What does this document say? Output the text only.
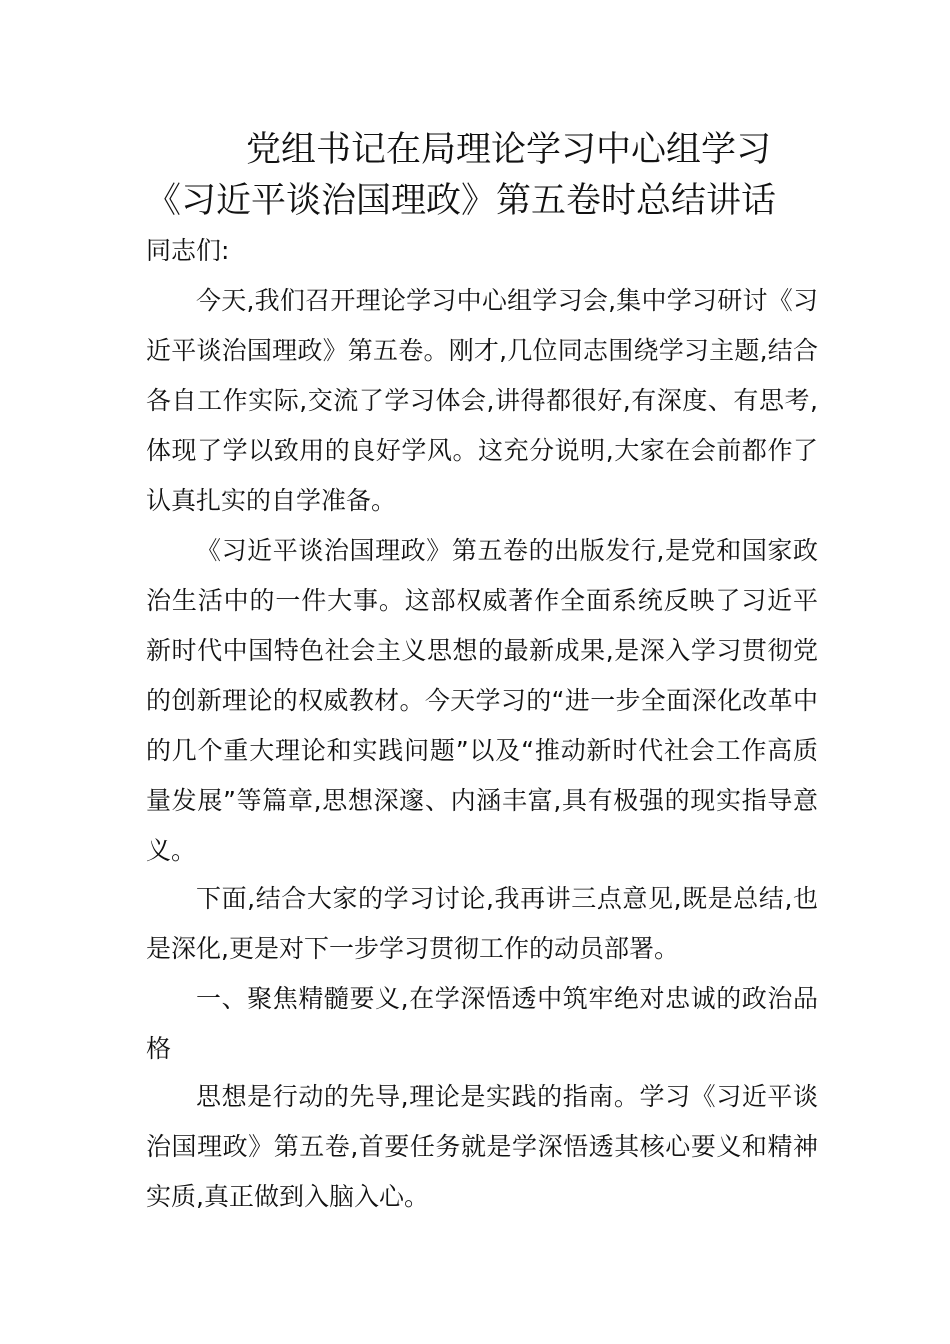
党组书记在局理论学习中心组学习
《习近平谈治国理政》第五卷时总结讲话
同志们:

今天,我们召开理论学习中心组学习会,集中学习研讨《习近平谈治国理政》第五卷。刚才,几位同志围绕学习主题,结合各自工作实际,交流了学习体会,讲得都很好,有深度、有思考,体现了学以致用的良好学风。这充分说明,大家在会前都作了认真扎实的自学准备。

《习近平谈治国理政》第五卷的出版发行,是党和国家政治生活中的一件大事。这部权威著作全面系统反映了习近平新时代中国特色社会主义思想的最新成果,是深入学习贯彻党的创新理论的权威教材。今天学习的“进一步全面深化改革中的几个重大理论和实践问题”以及“推动新时代社会工作高质量发展”等篇章,思想深邃、内涵丰富,具有极强的现实指导意义。

下面,结合大家的学习讨论,我再讲三点意见,既是总结,也是深化,更是对下一步学习贯彻工作的动员部署。

一、聚焦精髓要义,在学深悟透中筑牢绝对忠诚的政治品格

思想是行动的先导,理论是实践的指南。学习《习近平谈治国理政》第五卷,首要任务就是学深悟透其核心要义和精神实质,真正做到入脑入心。
